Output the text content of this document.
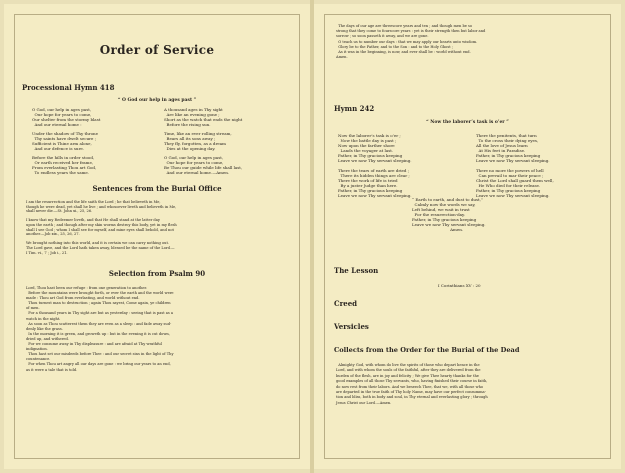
Order of Service
Processional Hymn 418
“ O God our help in ages past ”
O God, our help in ages past,
Our hope for years to come,
Our shelter from the stormy blast
And our eternal home :

Under the shadow of Thy throne
Thy saints have dwelt secure ;
Sufficient is Thine arm alone,
And our defence is sure.

Before the hills in order stood,
Or earth received her frame,
From everlasting Thou art God,
To endless years the same.
A thousand ages in Thy sight
Are like an evening gone ;
Short as the watch that ends the night
Before the rising sun.

Time, like an ever rolling stream,
Bears all its sons away ;
They fly, forgotten, as a dream
Dies at the opening day.

O God, our help in ages past,
Our hope for years to come,
Be Thou our guide while life shall last,
And our eternal home.—Amen.
Sentences from the Burial Office
I am the resurrection and the life saith the Lord ; he that believeth in Me,
though he were dead, yet shall he live ; and whosoever liveth and believeth in Me,
shall never die.—St. John xi., 25, 26.

I know that my Redeemer liveth, and that He shall stand at the latter day
upon the earth ; and though after my skin worms destroy this body, yet in my flesh
shall I see God ; whom I shall see for myself, and mine eyes shall behold, and not
another.—Job xix., 25, 26, 27.

We brought nothing into this world, and it is certain we can carry nothing out.
The Lord gave, and the Lord hath taken away, blessed be the name of the Lord.—
I Tim. vi., 7 ; Job i., 21.
Selection from Psalm 90
Lord, Thou hast been our refuge : from one generation to another.
Before the mountains were brought forth, or ever the earth and the world were
made : Thou art God from everlasting, and world without end.
Thou turnest man to destruction ; again Thou sayest, Come again, ye children
of men.
For a thousand years in Thy sight are but as yesterday : seeing that is past as a
watch in the night.
As soon as Thou scatterest them they are even as a sleep : and fade away sud-
denly like the grass.
In the morning it is green, and groweth up : but in the evening it is cut down,
dried up, and withered.
For we consume away in Thy displeasure : and are afraid at Thy wrathful
indignation.
Thou hast set our misdeeds before Thee : and our secret sins in the light of Thy
countenance.
For when Thou art angry all our days are gone : we bring our years to an end,
as it were a tale that is told.
The days of our age are threescore years and ten ; and though men be so
strong that they come to fourscore years : yet is their strength then but labor and
sorrow ; so soon passeth it away, and we are gone.
O teach us to number our days : that we may apply our hearts unto wisdom.
Glory be to the Father, and to the Son : and to the Holy Ghost ;
As it was in the beginning, is now, and ever shall be : world without end.
Amen.
Hymn 242
“ Now the laborer’s task is o’er ”
Now the laborer’s task is o’er ;
Now the battle day is past ;
Now upon the farther shore
Lands the voyager at last.
Father, in Thy gracious keeping
Leave we now Thy servant sleeping.

There the tears of earth are dried ;
There its hidden things are clear ;
There the work of life is tried
By a juster Judge than here.
Father, in Thy gracious keeping
Leave we now Thy servant sleeping.
There the penitents, that turn
To the cross their dying eyes,
All the love of Jesus learn
At His feet in Paradise.
Father, in Thy gracious keeping
Leave we now Thy servant sleeping.

There no more the powers of hell
Can prevail to mar their peace ;
Christ the Lord shall guard them well,
He Who died for their release.
Father, in Thy gracious keeping
Leave we now Thy servant sleeping.
“ Earth to earth, and dust to dust,”
Calmly now the words we say,
Left behind, we wait in trust
For the resurrection-day.
Father, in Thy gracious keeping
Leave we now Thy servant sleeping.
Amen.
The Lesson
I Corinthians XV : 20
Creed
Versicles
Collects from the Order for the Burial of the Dead
Almighty God, with whom do live the spirits of those who depart hence in the
Lord, and with whom the souls of the faithful, after they are delivered from the
burden of the flesh, are in joy and felicity ; We give Thee hearty thanks for the
good examples of all those Thy servants, who, having finished their course in faith,
do now rest from their labors. And we beseech Thee, that we, with all those who
are departed in the true faith of Thy holy Name, may have our perfect consumma-
tion and bliss, both in body and soul, in Thy eternal and everlasting glory ; through
Jesus Christ our Lord.—Amen.
